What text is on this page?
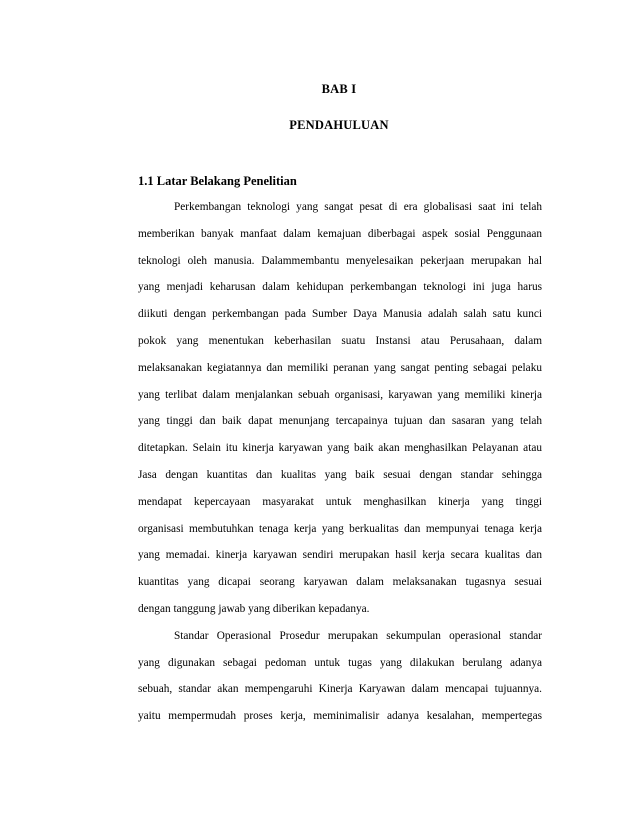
BAB I
PENDAHULUAN
1.1 Latar Belakang Penelitian
Perkembangan teknologi yang sangat pesat di era globalisasi saat ini telah
memberikan banyak manfaat dalam kemajuan diberbagai aspek sosial Penggunaan
teknologi oleh manusia. Dalammembantu menyelesaikan pekerjaan merupakan hal
yang menjadi keharusan dalam kehidupan perkembangan teknologi ini juga harus
diikuti dengan perkembangan pada Sumber Daya Manusia adalah salah satu kunci
pokok yang menentukan keberhasilan suatu Instansi atau Perusahaan, dalam
melaksanakan kegiatannya dan memiliki peranan yang sangat penting sebagai pelaku
yang terlibat dalam menjalankan sebuah organisasi, karyawan yang memiliki kinerja
yang tinggi dan baik dapat menunjang tercapainya tujuan dan sasaran yang telah
ditetapkan. Selain itu kinerja karyawan yang baik akan menghasilkan Pelayanan atau
Jasa dengan kuantitas dan kualitas yang baik sesuai dengan standar sehingga
mendapat kepercayaan masyarakat untuk menghasilkan kinerja yang tinggi
organisasi membutuhkan tenaga kerja yang berkualitas dan mempunyai tenaga kerja
yang memadai. kinerja karyawan sendiri merupakan hasil kerja secara kualitas dan
kuantitas yang dicapai seorang karyawan dalam melaksanakan tugasnya sesuai
dengan tanggung jawab yang diberikan kepadanya.
Standar Operasional Prosedur merupakan sekumpulan operasional standar
yang digunakan sebagai pedoman untuk tugas yang dilakukan berulang adanya
sebuah, standar akan mempengaruhi Kinerja Karyawan dalam mencapai tujuannya.
yaitu mempermudah proses kerja, meminimalisir adanya kesalahan, mempertegas
